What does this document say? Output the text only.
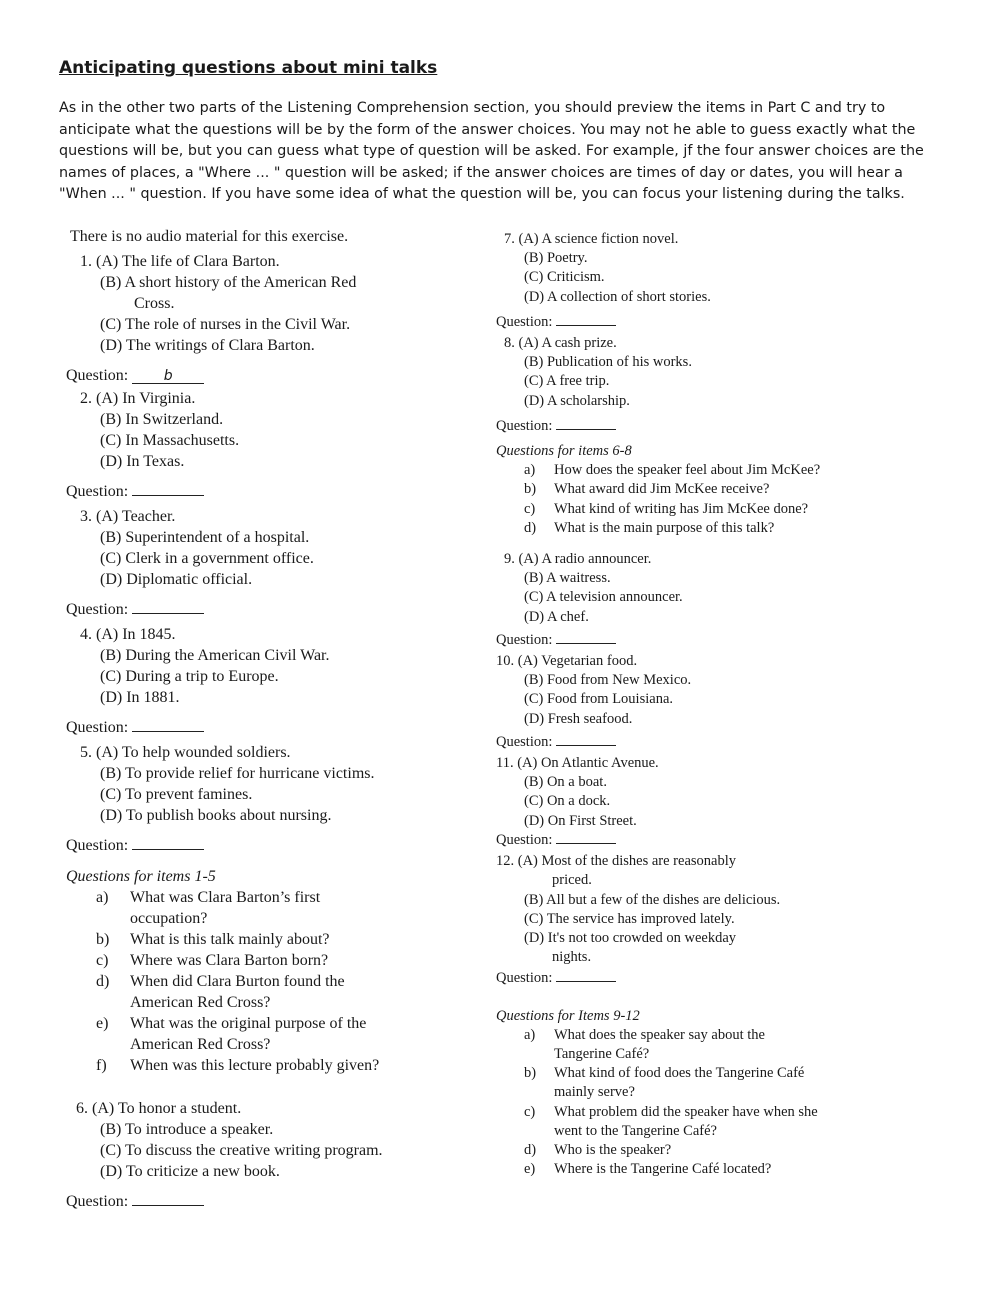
Anticipating questions about mini talks
As in the other two parts of the Listening Comprehension section, you should preview the items in Part C and try to
anticipate what the questions will be by the form of the answer choices. You may not he able to guess exactly what the
questions will be, but you can guess what type of question will be asked. For example, jf the four answer choices are the
names of places, a "Where ... " question will be asked; if the answer choices are times of day or dates, you will hear a
"When ... " question. If you have some idea of what the question will be, you can focus your listening during the talks.
There is no audio material for this exercise.
1. (A) The life of Clara Barton.
(B) A short history of the American Red
Cross.
(C) The role of nurses in the Civil War.
(D) The writings of Clara Barton.
Question:	b
2. (A) In Virginia.
(B) In Switzerland.
(C) In Massachusetts.
(D) In Texas.
Question:
3. (A) Teacher.
(B) Superintendent of a hospital.
(C) Clerk in a government office.
(D) Diplomatic official.
Question:
4. (A) In 1845.
(B) During the American Civil War.
(C) During a trip to Europe.
(D) In 1881.
Question:
5. (A) To help wounded soldiers.
(B) To provide relief for hurricane victims.
(C) To prevent famines.
(D) To publish books about nursing.
Question:
Questions for items 1-5
a)	What was Clara Barton’s first occupation?
b)	What is this talk mainly about?
c)	Where was Clara Barton born?
d)	When did Clara Burton found the American Red Cross?
e)	What was the original purpose of the American Red Cross?
f)	When was this lecture probably given?
6. (A) To honor a student.
(B) To introduce a speaker.
(C) To discuss the creative writing program.
(D) To criticize a new book.
Question:
7. (A) A science fiction novel.
(B) Poetry.
(C) Criticism.
(D) A collection of short stories.
Question:
8. (A) A cash prize.
(B) Publication of his works.
(C) A free trip.
(D) A scholarship.
Question:
Questions for items 6-8
a)	How does the speaker feel about Jim McKee?
b)	What award did Jim McKee receive?
c)	What kind of writing has Jim McKee done?
d)	What is the main purpose of this talk?
9. (A) A radio announcer.
(B) A waitress.
(C) A television announcer.
(D) A chef.
Question:
10. (A) Vegetarian food.
(B) Food from New Mexico.
(C) Food from Louisiana.
(D) Fresh seafood.
Question:
11. (A) On Atlantic Avenue.
(B) On a boat.
(C) On a dock.
(D) On First Street.
Question:
12. (A) Most of the dishes are reasonably
priced.
(B) All but a few of the dishes are delicious.
(C) The service has improved lately.
(D) It's not too crowded on weekday
nights.
Question:
Questions for Items 9-12
a)	What does the speaker say about the Tangerine Café?
b)	What kind of food does the Tangerine Café mainly serve?
c)	What problem did the speaker have when she went to the Tangerine Café?
d)	Who is the speaker?
e)	Where is the Tangerine Café located?
